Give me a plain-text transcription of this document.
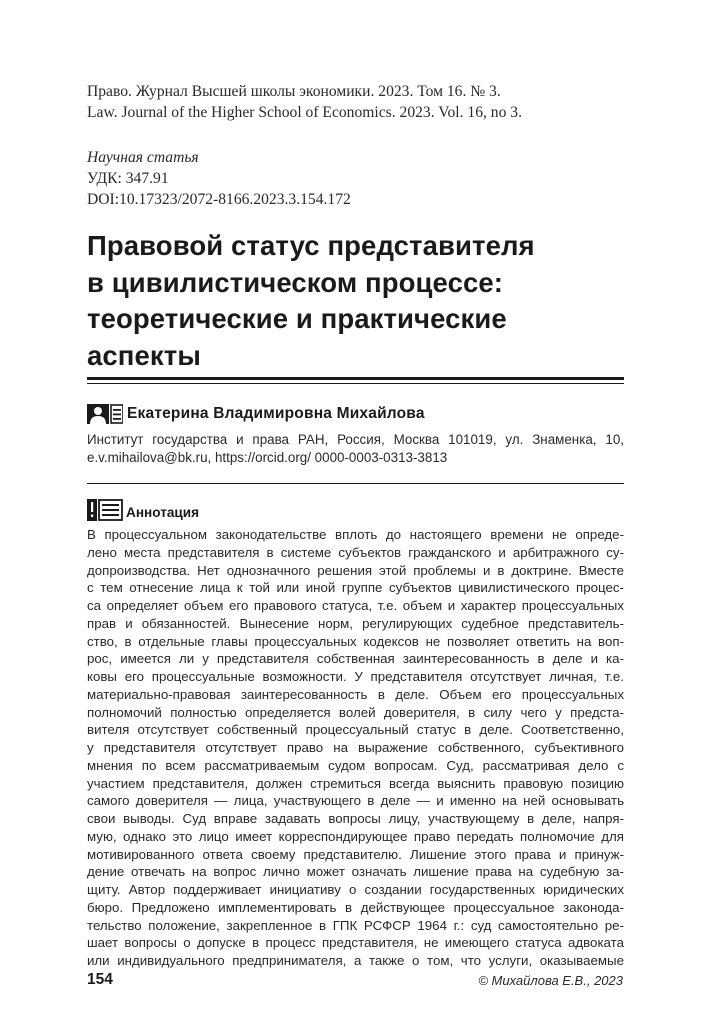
Право. Журнал Высшей школы экономики. 2023. Том 16. № 3.
Law. Journal of the Higher School of Economics. 2023. Vol. 16, no 3.
Научная статья
УДК: 347.91
DOI:10.17323/2072-8166.2023.3.154.172
Правовой статус представителя
в цивилистическом процессе:
теоретические и практические
аспекты
Екатерина Владимировна Михайлова
Институт государства и права РАН, Россия, Москва 101019, ул. Знаменка, 10,
e.v.mihailova@bk.ru, https://orcid.org/ 0000-0003-0313-3813
Аннотация
В процессуальном законодательстве вплоть до настоящего времени не опреде-
лено места представителя в системе субъектов гражданского и арбитражного су-
допроизводства. Нет однозначного решения этой проблемы и в доктрине. Вместе
с тем отнесение лица к той или иной группе субъектов цивилистического процес-
са определяет объем его правового статуса, т.е. объем и характер процессуальных
прав и обязанностей. Вынесение норм, регулирующих судебное представитель-
ство, в отдельные главы процессуальных кодексов не позволяет ответить на воп-
рос, имеется ли у представителя собственная заинтересованность в деле и ка-
ковы его процессуальные возможности. У представителя отсутствует личная, т.е.
материально-правовая заинтересованность в деле. Объем его процессуальных
полномочий полностью определяется волей доверителя, в силу чего у предста-
вителя отсутствует собственный процессуальный статус в деле. Соответственно,
у представителя отсутствует право на выражение собственного, субъективного
мнения по всем рассматриваемым судом вопросам. Суд, рассматривая дело с
участием представителя, должен стремиться всегда выяснить правовую позицию
самого доверителя — лица, участвующего в деле — и именно на ней основывать
свои выводы. Суд вправе задавать вопросы лицу, участвующему в деле, напря-
мую, однако это лицо имеет корреспондирующее право передать полномочие для
мотивированного ответа своему представителю. Лишение этого права и принуж-
дение отвечать на вопрос лично может означать лишение права на судебную за-
щиту. Автор поддерживает инициативу о создании государственных юридических
бюро. Предложено имплементировать в действующее процессуальное законода-
тельство положение, закрепленное в ГПК РСФСР 1964 г.: суд самостоятельно ре-
шает вопросы о допуске в процесс представителя, не имеющего статуса адвоката
или индивидуального предпринимателя, а также о том, что услуги, оказываемые
154	© Михайлова Е.В., 2023
